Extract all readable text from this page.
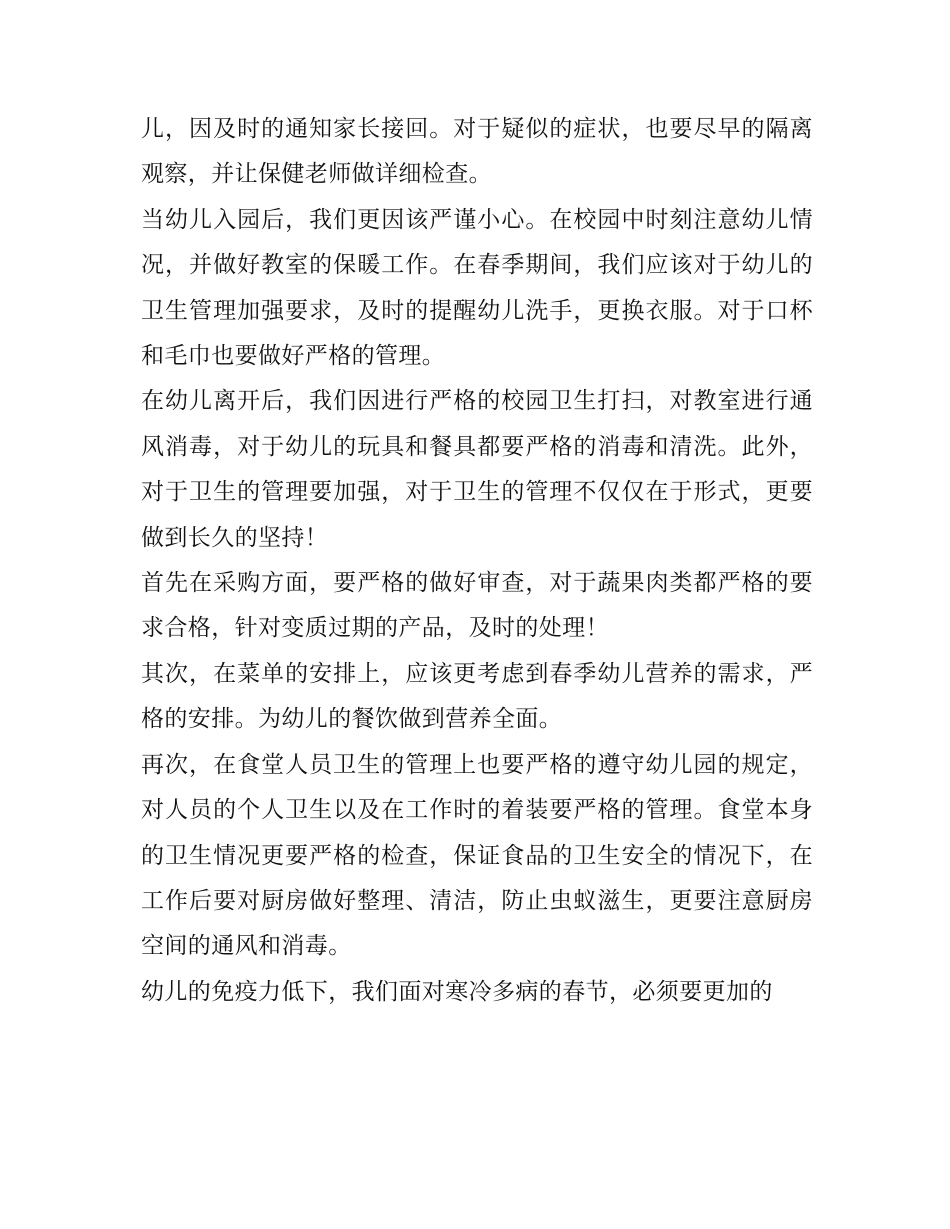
儿，因及时的通知家长接回。对于疑似的症状，也要尽早的隔离观察，并让保健老师做详细检查。

当幼儿入园后，我们更因该严谨小心。在校园中时刻注意幼儿情况，并做好教室的保暖工作。在春季期间，我们应该对于幼儿的卫生管理加强要求，及时的提醒幼儿洗手，更换衣服。对于口杯和毛巾也要做好严格的管理。

在幼儿离开后，我们因进行严格的校园卫生打扫，对教室进行通风消毒，对于幼儿的玩具和餐具都要严格的消毒和清洗。此外，对于卫生的管理要加强，对于卫生的管理不仅仅在于形式，更要做到长久的坚持！

首先在采购方面，要严格的做好审查，对于蔬果肉类都严格的要求合格，针对变质过期的产品，及时的处理！

其次，在菜单的安排上，应该更考虑到春季幼儿营养的需求，严格的安排。为幼儿的餐饮做到营养全面。

再次，在食堂人员卫生的管理上也要严格的遵守幼儿园的规定，对人员的个人卫生以及在工作时的着装要严格的管理。食堂本身的卫生情况更要严格的检查，保证食品的卫生安全的情况下，在工作后要对厨房做好整理、清洁，防止虫蚁滋生，更要注意厨房空间的通风和消毒。

幼儿的免疫力低下，我们面对寒冷多病的春节，必须要更加的
